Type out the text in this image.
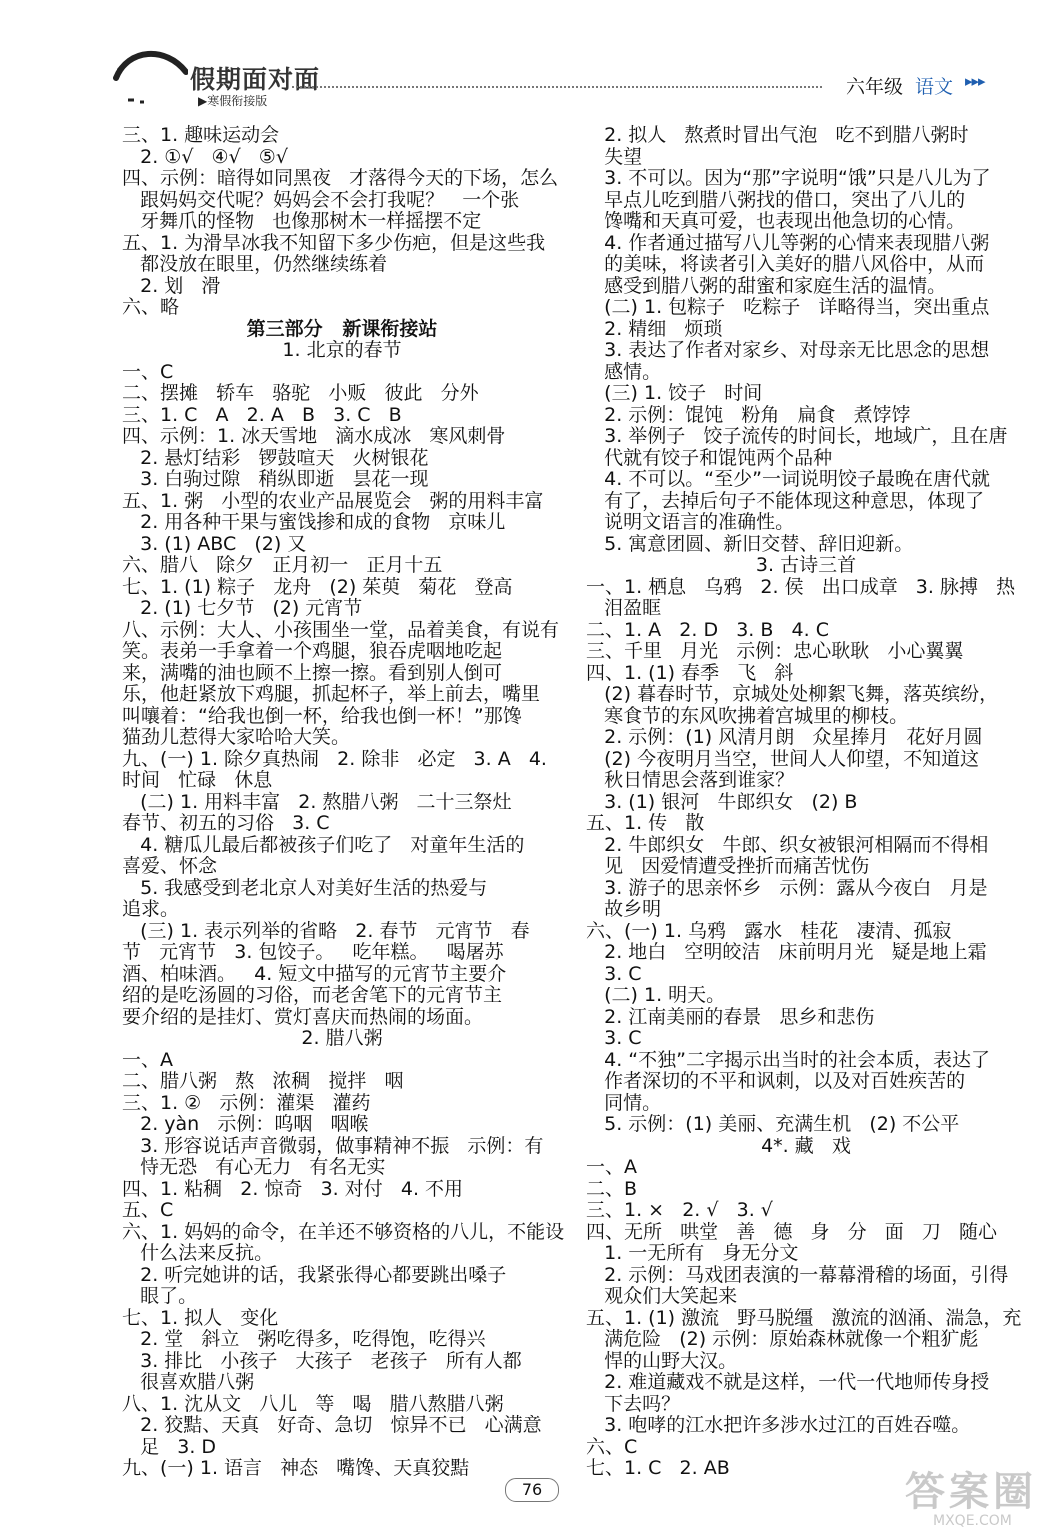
假期面对面
▶寒假衔接版
六年级 语文 ▸▸▸
三、1. 趣味运动会
2. ①√   ④√   ⑤√
四、示例：暗得如同黑夜   才落得今天的下场，怎么
跟妈妈交代呢？妈妈会不会打我呢？   一个张
牙舞爪的怪物   也像那树木一样摇摆不定
五、1. 为滑旱冰我不知留下多少伤疤，但是这些我
都没放在眼里，仍然继续练着
2. 划   滑
六、略
第三部分   新课衔接站
1. 北京的春节
一、C
二、摆摊   轿车   骆驼   小贩   彼此   分外
三、1. C   A   2. A   B   3. C   B
四、示例：1. 冰天雪地   滴水成冰   寒风刺骨
2. 悬灯结彩   锣鼓喧天   火树银花
3. 白驹过隙   稍纵即逝   昙花一现
五、1. 粥   小型的农业产品展览会   粥的用料丰富
2. 用各种干果与蜜饯掺和成的食物   京味儿
3. (1) ABC   (2) 又
六、腊八   除夕   正月初一   正月十五
七、1. (1) 粽子   龙舟   (2) 茱萸   菊花   登高
2. (1) 七夕节   (2) 元宵节
八、示例：大人、小孩围坐一堂，品着美食，有说有
笑。表弟一手拿着一个鸡腿，狼吞虎咽地吃起
来，满嘴的油也顾不上擦一擦。看到别人倒可
乐，他赶紧放下鸡腿，抓起杯子，举上前去，嘴里
叫嚷着：“给我也倒一杯，给我也倒一杯！”那馋
猫劲儿惹得大家哈哈大笑。
九、(一) 1. 除夕真热闹   2. 除非   必定   3. A   4.
时间   忙碌   休息
(二) 1. 用料丰富   2. 熬腊八粥   二十三祭灶
春节、初五的习俗   3. C
4. 糖瓜儿最后都被孩子们吃了   对童年生活的
喜爱、怀念
5. 我感受到老北京人对美好生活的热爱与
追求。
(三) 1. 表示列举的省略   2. 春节   元宵节   春
节   元宵节   3. 包饺子。   吃年糕。   喝屠苏
酒、柏味酒。   4. 短文中描写的元宵节主要介
绍的是吃汤圆的习俗，而老舍笔下的元宵节主
要介绍的是挂灯、赏灯喜庆而热闹的场面。
2. 腊八粥
一、A
二、腊八粥   熬   浓稠   搅拌   咽
三、1. ②   示例：灌渠   灌药
2. yàn   示例：呜咽   咽喉
3. 形容说话声音微弱，做事精神不振   示例：有
恃无恐   有心无力   有名无实
四、1. 粘稠   2. 惊奇   3. 对付   4. 不用
五、C
六、1. 妈妈的命令，在羊还不够资格的八儿，不能设
什么法来反抗。
2. 听完她讲的话，我紧张得心都要跳出嗓子
眼了。
七、1. 拟人   变化
2. 堂   斜立   粥吃得多，吃得饱，吃得兴
3. 排比   小孩子   大孩子   老孩子   所有人都
很喜欢腊八粥
八、1. 沈从文   八儿   等   喝   腊八熬腊八粥
2. 狡黠、天真   好奇、急切   惊异不已   心满意
足   3. D
九、(一) 1. 语言   神态   嘴馋、天真狡黠
2. 拟人   熬煮时冒出气泡   吃不到腊八粥时
失望
3. 不可以。因为“那”字说明“饿”只是八儿为了
早点儿吃到腊八粥找的借口，突出了八儿的
馋嘴和天真可爱，也表现出他急切的心情。
4. 作者通过描写八儿等粥的心情来表现腊八粥
的美味，将读者引入美好的腊八风俗中，从而
感受到腊八粥的甜蜜和家庭生活的温情。
(二) 1. 包粽子   吃粽子   详略得当，突出重点
2. 精细   烦琐
3. 表达了作者对家乡、对母亲无比思念的思想
感情。
(三) 1. 饺子   时间
2. 示例：馄饨   粉角   扁食   煮饽饽
3. 举例子   饺子流传的时间长，地域广，且在唐
代就有饺子和馄饨两个品种
4. 不可以。“至少”一词说明饺子最晚在唐代就
有了，去掉后句子不能体现这种意思，体现了
说明文语言的准确性。
5. 寓意团圆、新旧交替、辞旧迎新。
3. 古诗三首
一、1. 栖息   乌鸦   2. 侯   出口成章   3. 脉搏   热
泪盈眶
二、1. A   2. D   3. B   4. C
三、千里   月光   示例：忠心耿耿   小心翼翼
四、1. (1) 春季   飞   斜
(2) 暮春时节，京城处处柳絮飞舞，落英缤纷，
寒食节的东风吹拂着宫城里的柳枝。
2. 示例：(1) 风清月朗   众星捧月   花好月圆
(2) 今夜明月当空，世间人人仰望，不知道这
秋日情思会落到谁家？
3. (1) 银河   牛郎织女   (2) B
五、1. 传   散
2. 牛郎织女   牛郎、织女被银河相隔而不得相
见   因爱情遭受挫折而痛苦忧伤
3. 游子的思亲怀乡   示例：露从今夜白   月是
故乡明
六、(一) 1. 乌鸦   露水   桂花   凄清、孤寂
2. 地白   空明皎洁   床前明月光   疑是地上霜
3. C
(二) 1. 明天。
2. 江南美丽的春景   思乡和悲伤
3. C
4. “不独”二字揭示出当时的社会本质，表达了
作者深切的不平和讽刺，以及对百姓疾苦的
同情。
5. 示例：(1) 美丽、充满生机   (2) 不公平
4*. 藏   戏
一、A
二、B
三、1. ×   2. √   3. √
四、无所   哄堂   善   德   身   分   面   刀   随心
1. 一无所有   身无分文
2. 示例：马戏团表演的一幕幕滑稽的场面，引得
观众们大笑起来
五、1. (1) 激流   野马脱缰   激流的汹涌、湍急，充
满危险   (2) 示例：原始森林就像一个粗犷彪
悍的山野大汉。
2. 难道藏戏不就是这样，一代一代地师传身授
下去吗？
3. 咆哮的江水把许多涉水过江的百姓吞噬。
六、C
七、1. C   2. AB
76	答案圈
MXQE.COM
